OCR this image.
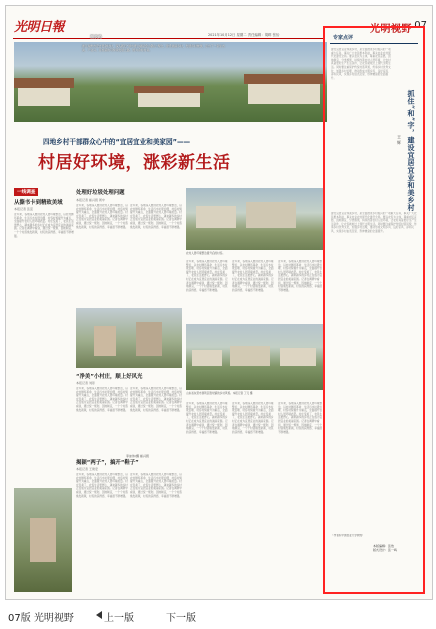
光明日報	2021年10月12日 星期二 责任编辑：胡畔 张怡
福泉路
浙江湖州市安吉县余村村，深入践行“绿水青山就是金山银山”理念，建设美丽乡村，发展乡村旅游，走出了一条生态美、产业兴、百姓富的可持续发展之路。图为余村村景。
四地乡村干部群众心中的“宜居宜业和美家园”——
村居好环境，涨彩新生活
一线调查
从撕书卡到精致美域
本报记者 张蕊
近年来，各地深入推进农村人居环境整治，以农村厕所革命、生活污水垃圾治理、村容村貌提升为重点，全面提升农村人居环境质量。村庄变美了，农民生活更舒心，越来越多的乡村正在成为宜居宜业的美丽家园。记者在调研中看到，通过统一规划、因地制宜，一个个村落焕发新颜，村民的获得感、幸福感不断增强。
处理好垃圾处理问题
本报记者 崔兴毅 周中
近年来，各地深入推进农村人居环境整治，以农村厕所革命、生活污水垃圾治理、村容村貌提升为重点，全面提升农村人居环境质量。村庄变美了，农民生活更舒心，越来越多的乡村正在成为宜居宜业的美丽家园。记者在调研中看到，通过统一规划、因地制宜，一个个村落焕发新颜，村民的获得感、幸福感不断增强。
近年来，各地深入推进农村人居环境整治，以农村厕所革命、生活污水垃圾治理、村容村貌提升为重点，全面提升农村人居环境质量。村庄变美了，农民生活更舒心，越来越多的乡村正在成为宜居宜业的美丽家园。记者在调研中看到，通过统一规划、因地制宜，一个个村落焕发新颜，村民的获得感、幸福感不断增强。
农村人居环境整治提升后的村容。
近年来，各地深入推进农村人居环境整治，以农村厕所革命、生活污水垃圾治理、村容村貌提升为重点，全面提升农村人居环境质量。村庄变美了，农民生活更舒心，越来越多的乡村正在成为宜居宜业的美丽家园。记者在调研中看到，通过统一规划、因地制宜，一个个村落焕发新颜，村民的获得感、幸福感不断增强。
近年来，各地深入推进农村人居环境整治，以农村厕所革命、生活污水垃圾治理、村容村貌提升为重点，全面提升农村人居环境质量。村庄变美了，农民生活更舒心，越来越多的乡村正在成为宜居宜业的美丽家园。记者在调研中看到，通过统一规划、因地制宜，一个个村落焕发新颜，村民的获得感、幸福感不断增强。
近年来，各地深入推进农村人居环境整治，以农村厕所革命、生活污水垃圾治理、村容村貌提升为重点，全面提升农村人居环境质量。村庄变美了，农民生活更舒心，越来越多的乡村正在成为宜居宜业的美丽家园。记者在调研中看到，通过统一规划、因地制宜，一个个村落焕发新颜，村民的获得感、幸福感不断增强。
山东省东营市垦利区胜坨镇的乡村风貌。本报记者 丁元 摄
近年来，各地深入推进农村人居环境整治，以农村厕所革命、生活污水垃圾治理、村容村貌提升为重点，全面提升农村人居环境质量。村庄变美了，农民生活更舒心，越来越多的乡村正在成为宜居宜业的美丽家园。记者在调研中看到，通过统一规划、因地制宜，一个个村落焕发新颜，村民的获得感、幸福感不断增强。
近年来，各地深入推进农村人居环境整治，以农村厕所革命、生活污水垃圾治理、村容村貌提升为重点，全面提升农村人居环境质量。村庄变美了，农民生活更舒心，越来越多的乡村正在成为宜居宜业的美丽家园。记者在调研中看到，通过统一规划、因地制宜，一个个村落焕发新颜，村民的获得感、幸福感不断增强。
近年来，各地深入推进农村人居环境整治，以农村厕所革命、生活污水垃圾治理、村容村貌提升为重点，全面提升农村人居环境质量。村庄变美了，农民生活更舒心，越来越多的乡村正在成为宜居宜业的美丽家园。记者在调研中看到，通过统一规划、因地制宜，一个个村落焕发新颜，村民的获得感、幸福感不断增强。
“净美”小村庄，顺上好风光
本报记者 刘彤
近年来，各地深入推进农村人居环境整治，以农村厕所革命、生活污水垃圾治理、村容村貌提升为重点，全面提升农村人居环境质量。村庄变美了，农民生活更舒心，越来越多的乡村正在成为宜居宜业的美丽家园。记者在调研中看到，通过统一规划、因地制宜，一个个村落焕发新颜，村民的获得感、幸福感不断增强。
近年来，各地深入推进农村人居环境整治，以农村厕所革命、生活污水垃圾治理、村容村貌提升为重点，全面提升农村人居环境质量。村庄变美了，农民生活更舒心，越来越多的乡村正在成为宜居宜业的美丽家园。记者在调研中看到，通过统一规划、因地制宜，一个个村落焕发新颜，村民的获得感、幸福感不断增强。
揭颖“两子”，搞开“鞋子”
本报记者 王建宏
近年来，各地深入推进农村人居环境整治，以农村厕所革命、生活污水垃圾治理、村容村貌提升为重点，全面提升农村人居环境质量。村庄变美了，农民生活更舒心，越来越多的乡村正在成为宜居宜业的美丽家园。记者在调研中看到，通过统一规划、因地制宜，一个个村落焕发新颜，村民的获得感、幸福感不断增强。
近年来，各地深入推进农村人居环境整治，以农村厕所革命、生活污水垃圾治理、村容村貌提升为重点，全面提升农村人居环境质量。村庄变美了，农民生活更舒心，越来越多的乡村正在成为宜居宜业的美丽家园。记者在调研中看到，通过统一规划、因地制宜，一个个村落焕发新颜，村民的获得感、幸福感不断增强。
李泳伟/摄 崔兴毅
光明视野 07
专家点评
建设宜居宜业和美乡村，是全面推进乡村振兴的一项重大任务，事关广大农民根本利益，事关农业农村现代化建设全局。要以农民为主体，尊重农民意愿，因地制宜，分类施策，持续改善农村人居环境，让农村具备更好生产生活条件，让农民就地过上现代文明生活。同时要注重保护传统村落风貌，传承乡村优秀文化，加强乡村治理，推动形成文明乡风、良好家风、淳朴民风，实现乡村由表及里、形神兼备的全面提升。
抓住“和”字，建设宜居宜业和美乡村
王 辉
建设宜居宜业和美乡村，是全面推进乡村振兴的一项重大任务，事关广大农民根本利益，事关农业农村现代化建设全局。要以农民为主体，尊重农民意愿，因地制宜，分类施策，持续改善农村人居环境，让农村具备更好生产生活条件，让农民就地过上现代文明生活。同时要注重保护传统村落风貌，传承乡村优秀文化，加强乡村治理，推动形成文明乡风、良好家风、淳朴民风，实现乡村由表及里、形神兼备的全面提升。
（作者系中国农业大学教授）
本版编辑：张怡
版式设计：张一鸣
07版 光明视野	上一版	下一版
